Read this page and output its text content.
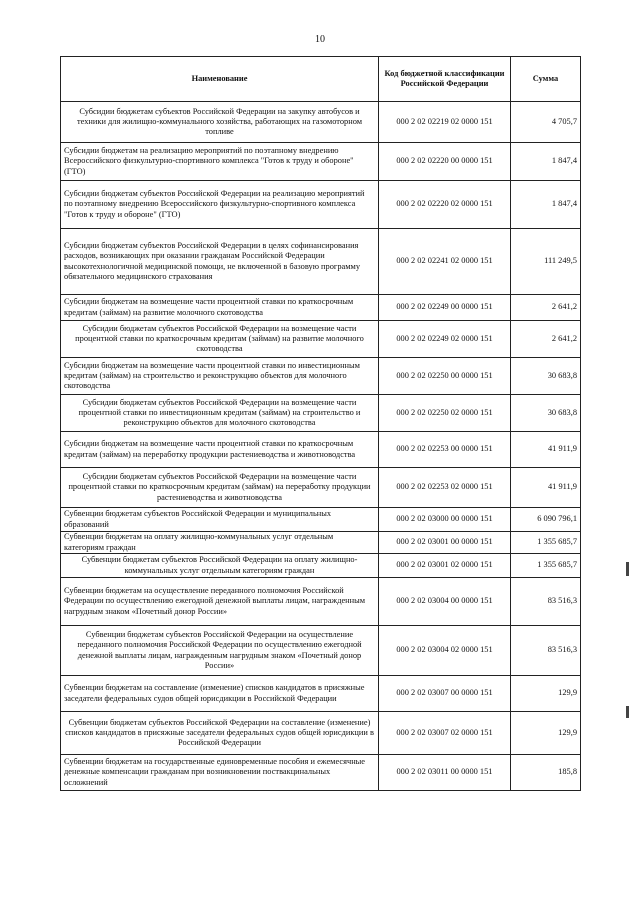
10
Наименование	Код бюджетной классификации Российской Федерации	Сумма
Субсидии бюджетам субъектов Российской Федерации на закупку автобусов и техники для жилищно-коммунального хозяйства, работающих на газомоторном топливе	000 2 02 02219 02 0000 151	4 705,7
Субсидии бюджетам на реализацию мероприятий по поэтапному внедрению Всероссийского физкультурно-спортивного комплекса "Готов к труду и обороне" (ГТО)	000 2 02 02220 00 0000 151	1 847,4
Субсидии бюджетам субъектов Российской Федерации на реализацию мероприятий по поэтапному внедрению Всероссийского физкультурно-спортивного комплекса "Готов к труду и обороне" (ГТО)	000 2 02 02220 02 0000 151	1 847,4
Субсидии бюджетам субъектов Российской Федерации в целях софинансирования расходов, возникающих при оказании гражданам Российской Федерации высокотехнологичной медицинской помощи, не включенной в базовую программу обязательного медицинского страхования	000 2 02 02241 02 0000 151	111 249,5
Субсидии бюджетам на возмещение части процентной ставки по краткосрочным кредитам (займам) на развитие молочного скотоводства	000 2 02 02249 00 0000 151	2 641,2
Субсидии бюджетам субъектов Российской Федерации на возмещение части процентной ставки по краткосрочным кредитам (займам) на развитие молочного скотоводства	000 2 02 02249 02 0000 151	2 641,2
Субсидии бюджетам на возмещение части процентной ставки по инвестиционным кредитам (займам) на строительство и реконструкцию объектов для молочного скотоводства	000 2 02 02250 00 0000 151	30 683,8
Субсидии бюджетам субъектов Российской Федерации на возмещение части процентной ставки по инвестиционным кредитам (займам) на строительство и реконструкцию объектов для молочного скотоводства	000 2 02 02250 02 0000 151	30 683,8
Субсидии бюджетам на возмещение части процентной ставки по краткосрочным кредитам (займам) на переработку продукции растениеводства и животноводства	000 2 02 02253 00 0000 151	41 911,9
Субсидии бюджетам субъектов Российской Федерации на возмещение части процентной ставки по краткосрочным кредитам (займам) на переработку продукции растениеводства и животноводства	000 2 02 02253 02 0000 151	41 911,9
Субвенции бюджетам субъектов Российской Федерации и муниципальных образований	000 2 02 03000 00 0000 151	6 090 796,1
Субвенции бюджетам на оплату жилищно-коммунальных услуг отдельным категориям граждан	000 2 02 03001 00 0000 151	1 355 685,7
Субвенции бюджетам субъектов Российской Федерации на оплату жилищно-коммунальных услуг отдельным категориям граждан	000 2 02 03001 02 0000 151	1 355 685,7
Субвенции бюджетам на осуществление переданного полномочия Российской Федерации по осуществлению ежегодной денежной выплаты лицам, награжденным нагрудным знаком «Почетный донор России»	000 2 02 03004 00 0000 151	83 516,3
Субвенции бюджетам субъектов Российской Федерации на осуществление переданного полномочия Российской Федерации по осуществлению ежегодной денежной выплаты лицам, награжденным нагрудным знаком «Почетный донор России»	000 2 02 03004 02 0000 151	83 516,3
Субвенции бюджетам на составление (изменение) списков кандидатов в присяжные заседатели федеральных судов общей юрисдикции в Российской Федерации	000 2 02 03007 00 0000 151	129,9
Субвенции бюджетам субъектов Российской Федерации на составление (изменение) списков кандидатов в присяжные заседатели федеральных судов общей юрисдикции в Российской Федерации	000 2 02 03007 02 0000 151	129,9
Субвенции бюджетам на государственные единовременные пособия и ежемесячные денежные компенсации гражданам при возникновении поствакцинальных осложнений	000 2 02 03011 00 0000 151	185,8
